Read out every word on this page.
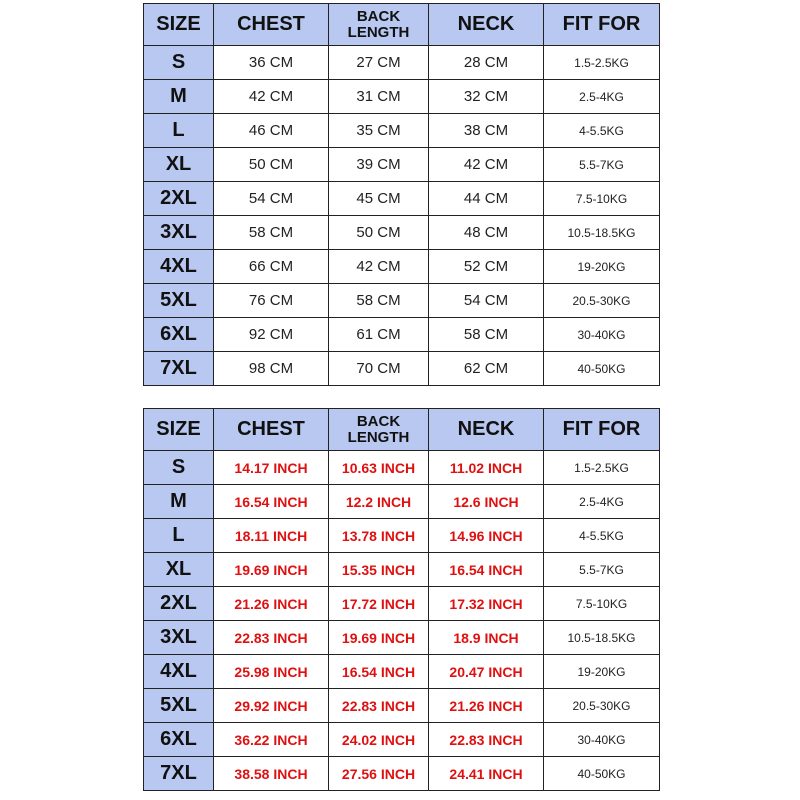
SIZE	CHEST	BACK LENGTH	NECK	FIT FOR
S	36 CM	27 CM	28 CM	1.5-2.5KG
M	42 CM	31 CM	32 CM	2.5-4KG
L	46 CM	35 CM	38 CM	4-5.5KG
XL	50 CM	39 CM	42 CM	5.5-7KG
2XL	54 CM	45 CM	44 CM	7.5-10KG
3XL	58 CM	50 CM	48 CM	10.5-18.5KG
4XL	66 CM	42 CM	52 CM	19-20KG
5XL	76 CM	58 CM	54 CM	20.5-30KG
6XL	92 CM	61 CM	58 CM	30-40KG
7XL	98 CM	70 CM	62 CM	40-50KG
SIZE	CHEST	BACK LENGTH	NECK	FIT FOR
S	14.17 INCH	10.63 INCH	11.02 INCH	1.5-2.5KG
M	16.54 INCH	12.2 INCH	12.6 INCH	2.5-4KG
L	18.11 INCH	13.78 INCH	14.96 INCH	4-5.5KG
XL	19.69 INCH	15.35 INCH	16.54 INCH	5.5-7KG
2XL	21.26 INCH	17.72 INCH	17.32 INCH	7.5-10KG
3XL	22.83 INCH	19.69 INCH	18.9 INCH	10.5-18.5KG
4XL	25.98 INCH	16.54 INCH	20.47 INCH	19-20KG
5XL	29.92 INCH	22.83 INCH	21.26 INCH	20.5-30KG
6XL	36.22 INCH	24.02 INCH	22.83 INCH	30-40KG
7XL	38.58 INCH	27.56 INCH	24.41 INCH	40-50KG
